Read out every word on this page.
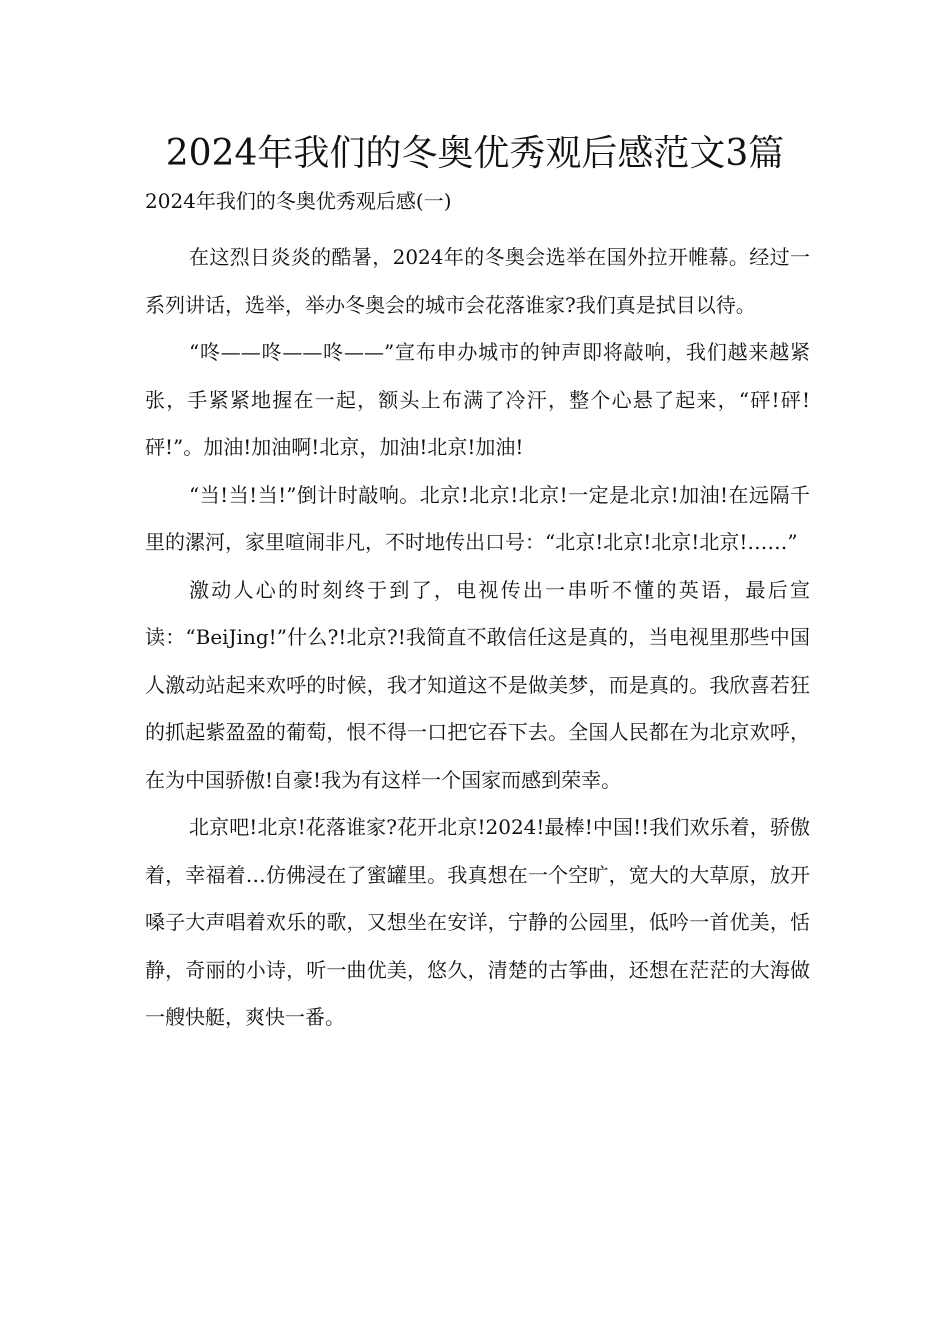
2024年我们的冬奥优秀观后感范文3篇

2024年我们的冬奥优秀观后感(一)

在这烈日炎炎的酷暑，2024年的冬奥会选举在国外拉开帷幕。经过一系列讲话，选举，举办冬奥会的城市会花落谁家?我们真是拭目以待。

“咚——咚——咚——”宣布申办城市的钟声即将敲响，我们越来越紧张，手紧紧地握在一起，额头上布满了冷汗，整个心悬了起来，“砰!砰!砰!”。加油!加油啊!北京，加油!北京!加油!

“当!当!当!”倒计时敲响。北京!北京!北京!一定是北京!加油!在远隔千里的漯河，家里喧闹非凡，不时地传出口号：“北京!北京!北京!北京!……”

激动人心的时刻终于到了，电视传出一串听不懂的英语，最后宣读：“BeiJing!”什么?!北京?!我简直不敢信任这是真的，当电视里那些中国人激动站起来欢呼的时候，我才知道这不是做美梦，而是真的。我欣喜若狂的抓起紫盈盈的葡萄，恨不得一口把它吞下去。全国人民都在为北京欢呼，在为中国骄傲!自豪!我为有这样一个国家而感到荣幸。

北京吧!北京!花落谁家?花开北京!2024!最棒!中国!!我们欢乐着，骄傲着，幸福着…仿佛浸在了蜜罐里。我真想在一个空旷，宽大的大草原，放开嗓子大声唱着欢乐的歌，又想坐在安详，宁静的公园里，低吟一首优美，恬静，奇丽的小诗，听一曲优美，悠久，清楚的古筝曲，还想在茫茫的大海做一艘快艇，爽快一番。
